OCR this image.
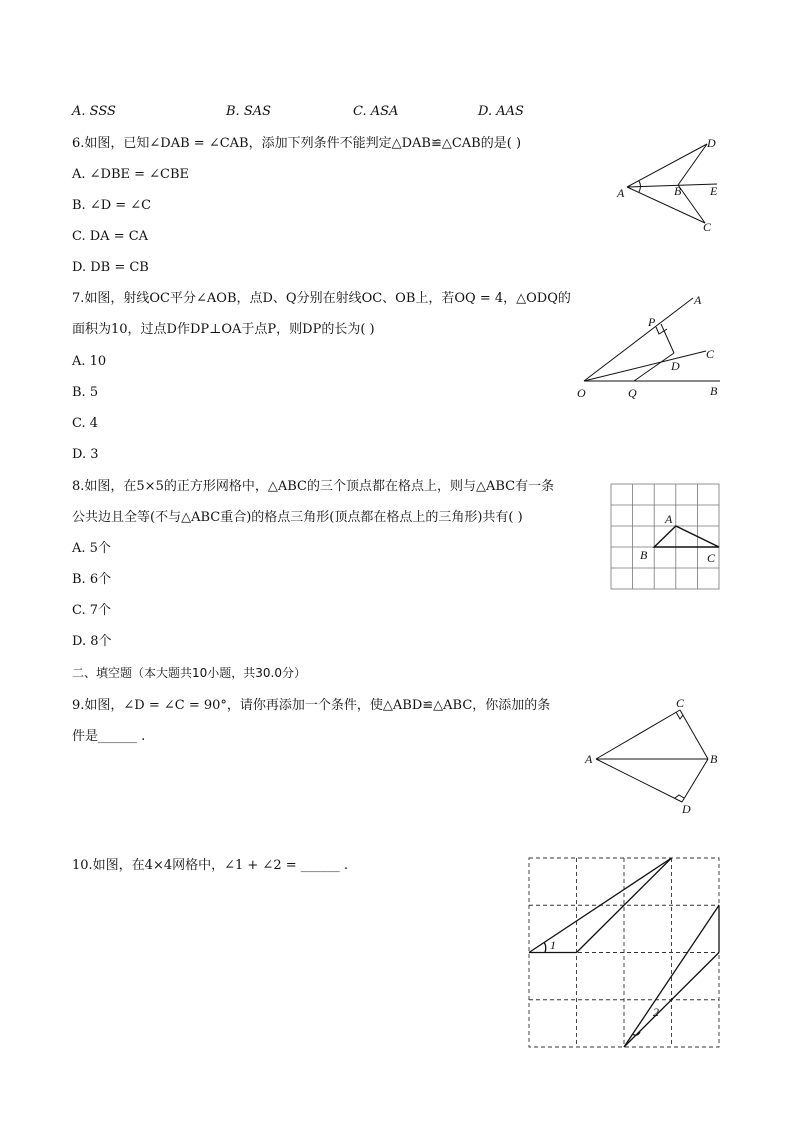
A. SSS	B. SAS	C. ASA	D. AAS
6.如图，已知∠DAB = ∠CAB，添加下列条件不能判定△DAB≌△CAB的是( )
A. ∠DBE = ∠CBE
B. ∠D = ∠C
C. DA = CA
D. DB = CB
D
A	B E
C
7.如图，射线OC平分∠AOB，点D、Q分别在射线OC、OB上，若OQ = 4，△ODQ的
面积为10，过点D作DP⊥OA于点P，则DP的长为( )
A. 10
B. 5
C. 4
D. 3
A
P
C
D
O	Q	B
8.如图，在5×5的正方形网格中，△ABC的三个顶点都在格点上，则与△ABC有一条
公共边且全等(不与△ABC重合)的格点三角形(顶点都在格点上的三角形)共有( )
A. 5个
B. 6个
C. 7个
D. 8个
A
B	C
二、填空题（本大题共10小题，共30.0分）
9.如图，∠D = ∠C = 90°，请你再添加一个条件，使△ABD≌△ABC，你添加的条
件是______ .
C
A	B
D
10.如图，在4×4网格中，∠1 + ∠2 = ______ .
1
2
